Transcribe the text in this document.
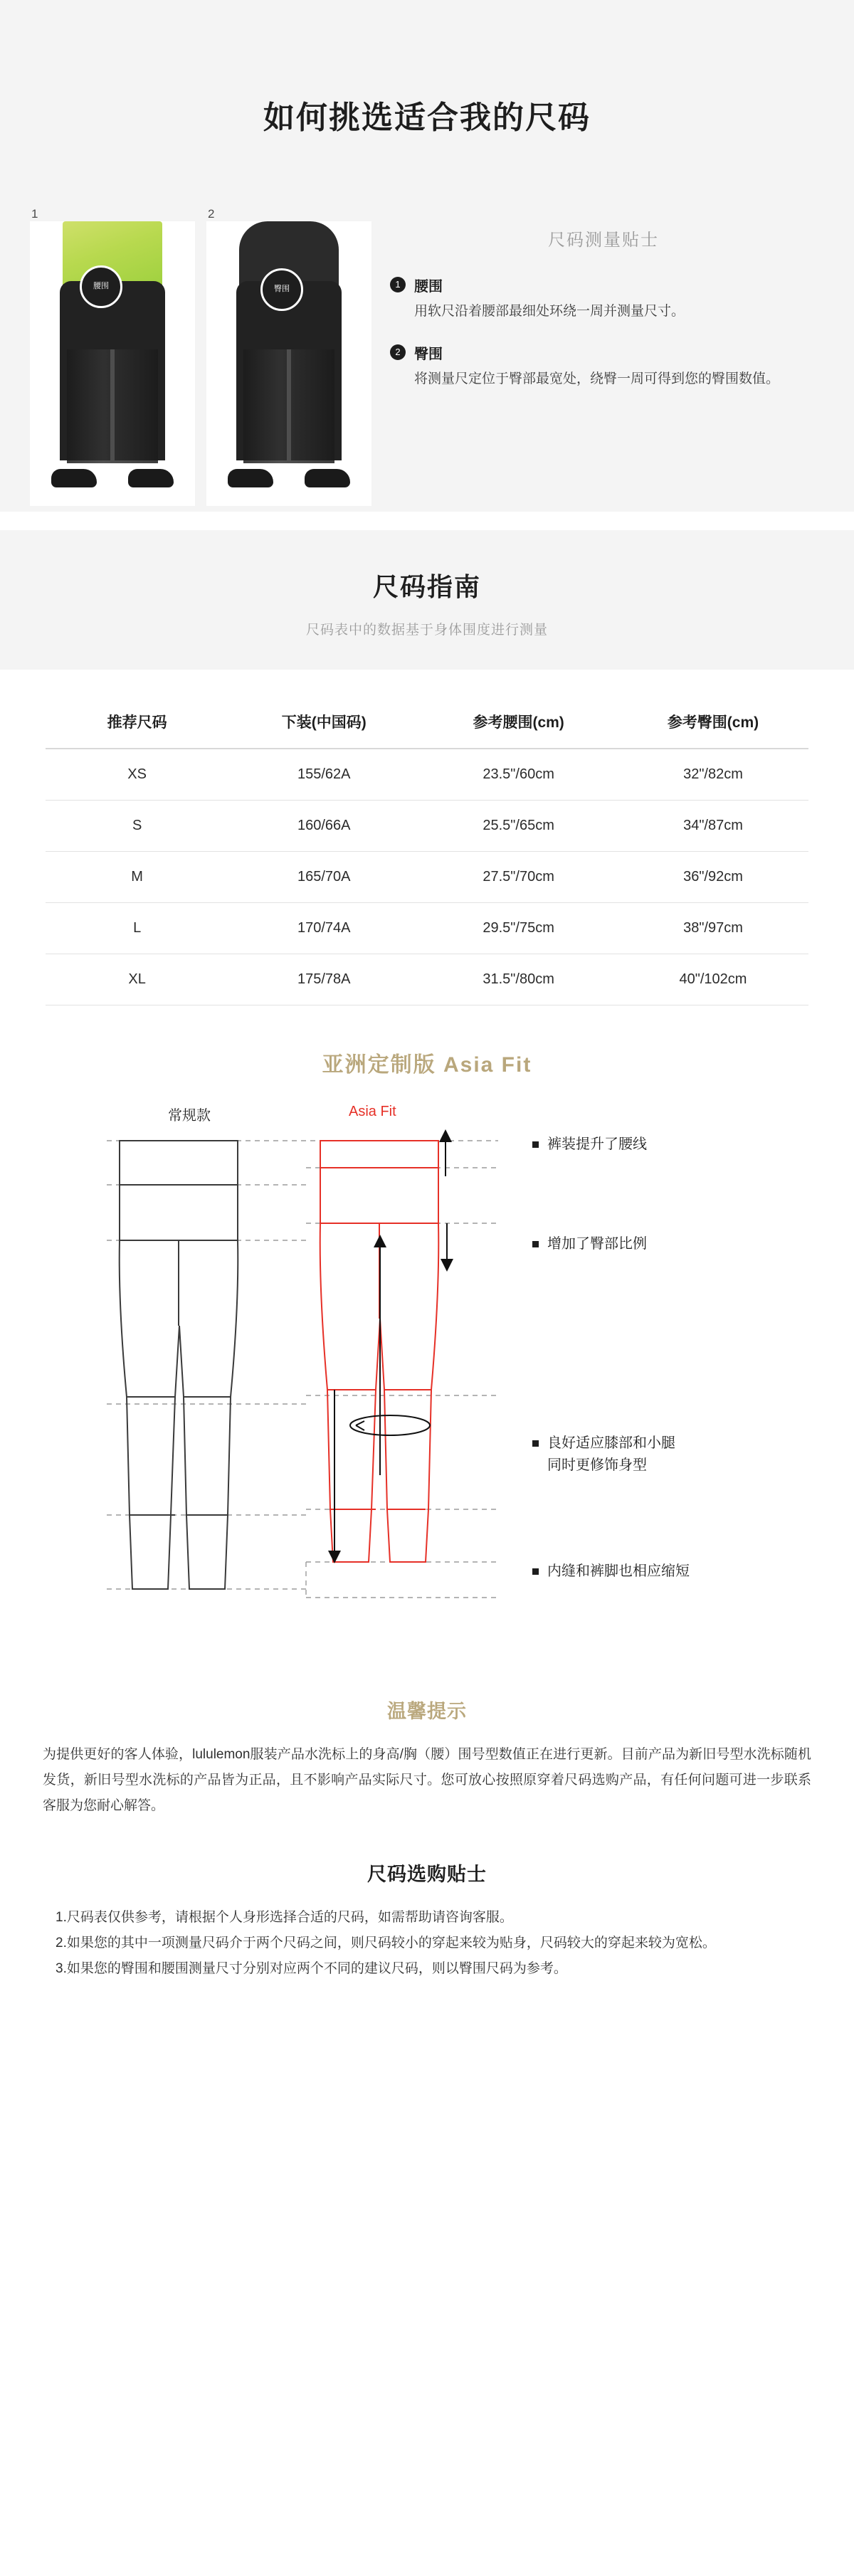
如何挑选适合我的尺码
1
腰围
2
臀围
尺码测量贴士
1 腰围
用软尺沿着腰部最细处环绕一周并测量尺寸。
2 臀围
将测量尺定位于臀部最宽处，绕臀一周可得到您的臀围数值。
尺码指南
尺码表中的数据基于身体围度进行测量
推荐尺码	下装(中国码)	参考腰围(cm)	参考臀围(cm)
XS	155/62A	23.5"/60cm	32"/82cm
S	160/66A	25.5"/65cm	34"/87cm
M	165/70A	27.5"/70cm	36"/92cm
L	170/74A	29.5"/75cm	38"/97cm
XL	175/78A	31.5"/80cm	40"/102cm
亚洲定制版 Asia Fit
常规款	Asia Fit
裤装提升了腰线
增加了臀部比例
良好适应膝部和小腿
同时更修饰身型
内缝和裤脚也相应缩短
温馨提示
为提供更好的客人体验，lululemon服装产品水洗标上的身高/胸（腰）围号型数值正在进行更新。目前产品为新旧号型水洗标随机发货，新旧号型水洗标的产品皆为正品，且不影响产品实际尺寸。您可放心按照原穿着尺码选购产品，有任何问题可进一步联系客服为您耐心解答。
尺码选购贴士
1.尺码表仅供参考，请根据个人身形选择合适的尺码，如需帮助请咨询客服。
2.如果您的其中一项测量尺码介于两个尺码之间，则尺码较小的穿起来较为贴身，尺码较大的穿起来较为宽松。
3.如果您的臀围和腰围测量尺寸分别对应两个不同的建议尺码，则以臀围尺码为参考。
